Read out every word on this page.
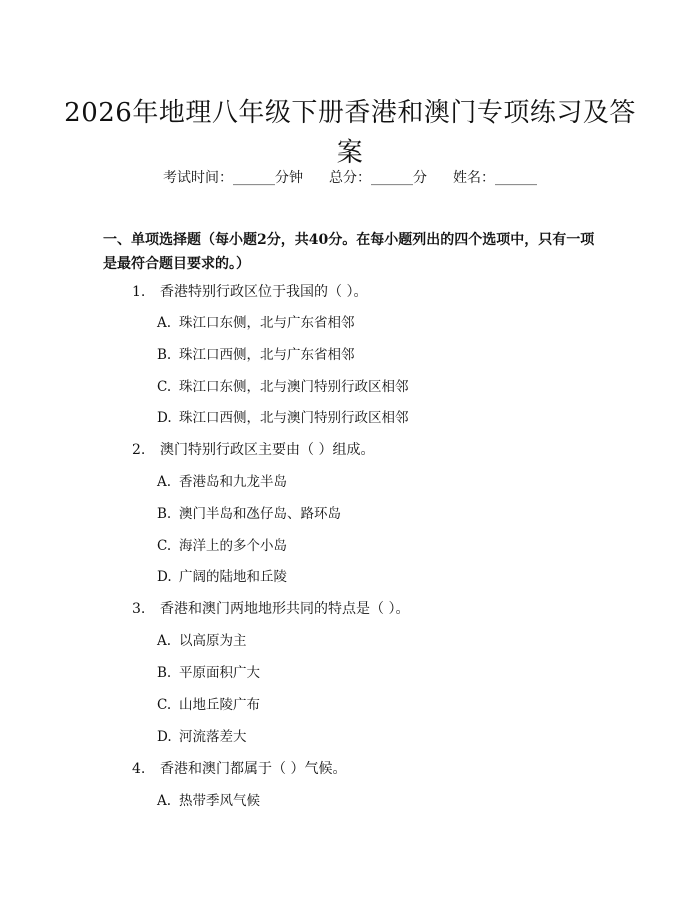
2026年地理八年级下册香港和澳门专项练习及答案
考试时间：______分钟 总分：______分 姓名：______
一、单项选择题（每小题2分，共40分。在每小题列出的四个选项中，只有一项是最符合题目要求的。）
1. 香港特别行政区位于我国的（ ）。
A. 珠江口东侧，北与广东省相邻
B. 珠江口西侧，北与广东省相邻
C. 珠江口东侧，北与澳门特别行政区相邻
D. 珠江口西侧，北与澳门特别行政区相邻
2. 澳门特别行政区主要由（ ）组成。
A. 香港岛和九龙半岛
B. 澳门半岛和氹仔岛、路环岛
C. 海洋上的多个小岛
D. 广阔的陆地和丘陵
3. 香港和澳门两地地形共同的特点是（ ）。
A. 以高原为主
B. 平原面积广大
C. 山地丘陵广布
D. 河流落差大
4. 香港和澳门都属于（ ）气候。
A. 热带季风气候
